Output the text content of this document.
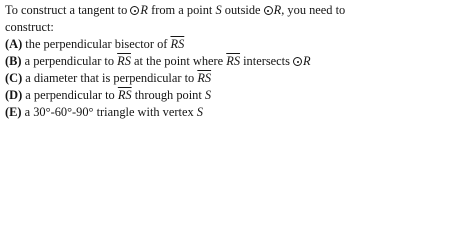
To construct a tangent to R from a point S outside R, you need to
construct:
(A) the perpendicular bisector of $\overline{RS}$
(B) a perpendicular to $\overline{RS}$ at the point where $\overline{RS}$ intersects R
(C) a diameter that is perpendicular to $\overline{RS}$
(D) a perpendicular to $\overline{RS}$ through point S
(E) a 30°-60°-90° triangle with vertex S
